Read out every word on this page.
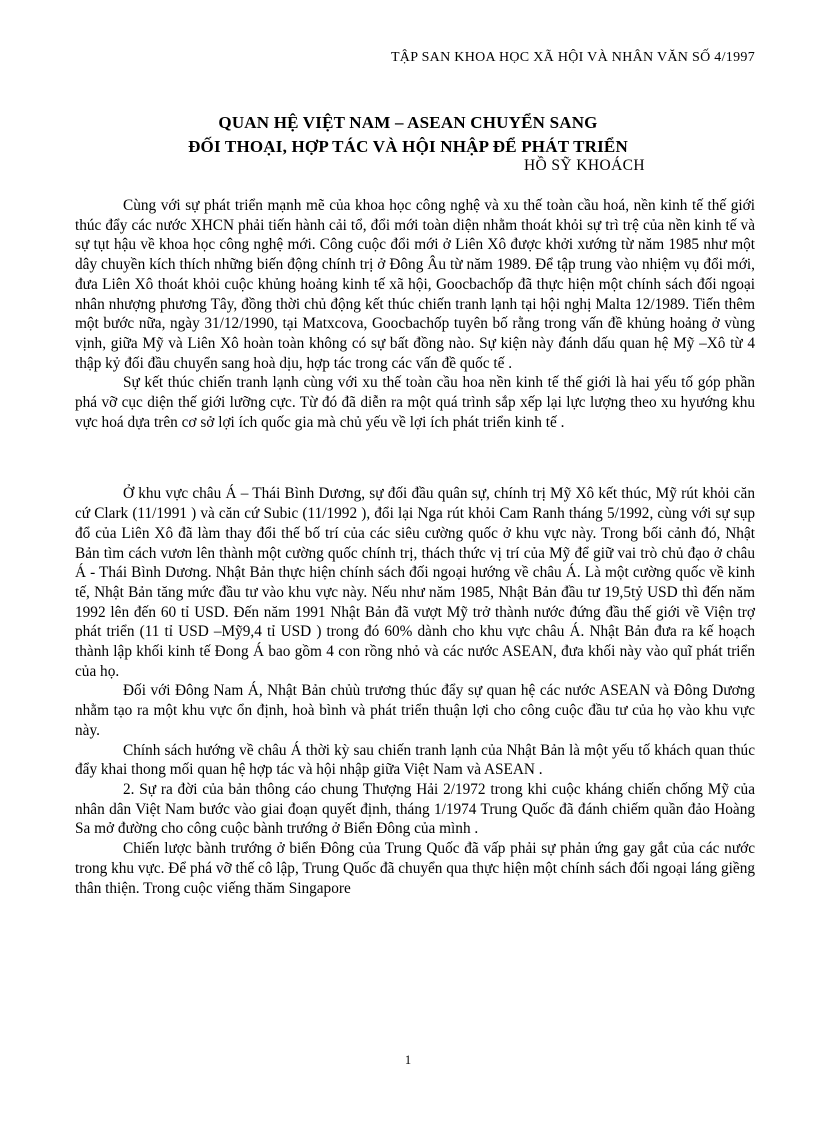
TẬP SAN KHOA HỌC XÃ HỘI VÀ NHÂN VĂN SỐ 4/1997
QUAN HỆ VIỆT NAM – ASEAN CHUYỂN SANG
ĐỐI THOẠI, HỢP TÁC VÀ HỘI NHẬP ĐỂ PHÁT TRIỂN
HỒ SỸ KHOÁCH

Cùng với sự phát triển mạnh mẽ của khoa học công nghệ và xu thế toàn cầu hoá, nền kinh tế thế giới thúc đẩy các nước XHCN phải tiến hành cải tổ, đổi mới toàn diện nhằm thoát khỏi sự trì trệ của nền kinh tế và sự tụt hậu về khoa học công nghệ mới. Công cuộc đổi mới ở Liên Xô được khởi xướng từ năm 1985 như một dây chuyền kích thích những biến động chính trị ở Đông Âu từ năm 1989. Để tập trung vào nhiệm vụ đổi mới, đưa Liên Xô thoát khỏi cuộc khủng hoảng kinh tế xã hội, Goocbachốp đã thực hiện một chính sách đối ngoại nhân nhượng phương Tây, đồng thời chủ động kết thúc chiến tranh lạnh tại hội nghị Malta 12/1989. Tiến thêm một bước nữa, ngày 31/12/1990, tại Matxcova, Goocbachốp tuyên bố rằng trong vấn đề khủng hoảng ở vùng vịnh, giữa Mỹ và Liên Xô hoàn toàn không có sự bất đồng nào. Sự kiện này đánh dấu quan hệ Mỹ –Xô từ 4 thập kỷ đối đầu chuyển sang hoà dịu, hợp tác trong các vấn đề quốc tế .

Sự kết thúc chiến tranh lạnh cùng với xu thế toàn cầu hoa nền kinh tế thế giới là hai yếu tố góp phần phá vỡ cục diện thế giới lưỡng cực. Từ đó đã diễn ra một quá trình sắp xếp lại lực lượng theo xu hyướng khu vực hoá dựa trên cơ sở lợi ích quốc gia mà chủ yếu về lợi ích phát triển kinh tế .

Ở khu vực châu Á – Thái Bình Dương, sự đối đầu quân sự, chính trị Mỹ Xô kết thúc, Mỹ rút khỏi căn cứ Clark (11/1991 ) và căn cứ Subic (11/1992 ), đổi lại Nga rút khỏi Cam Ranh tháng 5/1992, cùng với sự sụp đổ của Liên Xô đã làm thay đổi thế bố trí của các siêu cường quốc ở khu vực này. Trong bối cảnh đó, Nhật Bản tìm cách vươn lên thành một cường quốc chính trị, thách thức vị trí của Mỹ để giữ vai trò chủ đạo ở châu Á - Thái Bình Dương. Nhật Bản thực hiện chính sách đối ngoại hướng về châu Á. Là một cường quốc về kinh tế, Nhật Bản tăng mức đầu tư vào khu vực này. Nếu như năm 1985, Nhật Bản đầu tư 19,5tỷ USD thì đến năm 1992 lên đến 60 tỉ USD. Đến năm 1991 Nhật Bản đã vượt Mỹ trở thành nước đứng đầu thế giới về Viện trợ phát triển (11 tỉ USD –Mỹ9,4 tỉ USD ) trong đó 60% dành cho khu vực châu Á. Nhật Bản đưa ra kế hoạch thành lập khối kinh tế Đong Á bao gồm 4 con rồng nhỏ và các nước ASEAN, đưa khối này vào quĩ phát triển của họ.

Đối với Đông Nam Á, Nhật Bản chủù trương thúc đẩy sự quan hệ các nước ASEAN và Đông Dương nhằm tạo ra một khu vực ổn định, hoà bình và phát triển thuận lợi cho công cuộc đầu tư của họ vào khu vực này.

Chính sách hướng về châu Á thời kỳ sau chiến tranh lạnh của Nhật Bản là một yếu tố khách quan thúc đẩy khai thong mối quan hệ hợp tác và hội nhập giữa Việt Nam và ASEAN .

2. Sự ra đời của bản thông cáo chung Thượng Hải 2/1972 trong khi cuộc kháng chiến chống Mỹ của nhân dân Việt Nam bước vào giai đoạn quyết định, tháng 1/1974 Trung Quốc đã đánh chiếm quần đảo Hoàng Sa mở đường cho công cuộc bành trướng ở Biển Đông của mình .

Chiến lược bành trướng ở biển Đông của Trung Quốc đã vấp phải sự phản ứng gay gắt của các nước trong khu vực. Để phá vỡ thế cô lập, Trung Quốc đã chuyển qua thực hiện một chính sách đối ngoại láng giềng thân thiện. Trong cuộc viếng thăm Singapore

1
